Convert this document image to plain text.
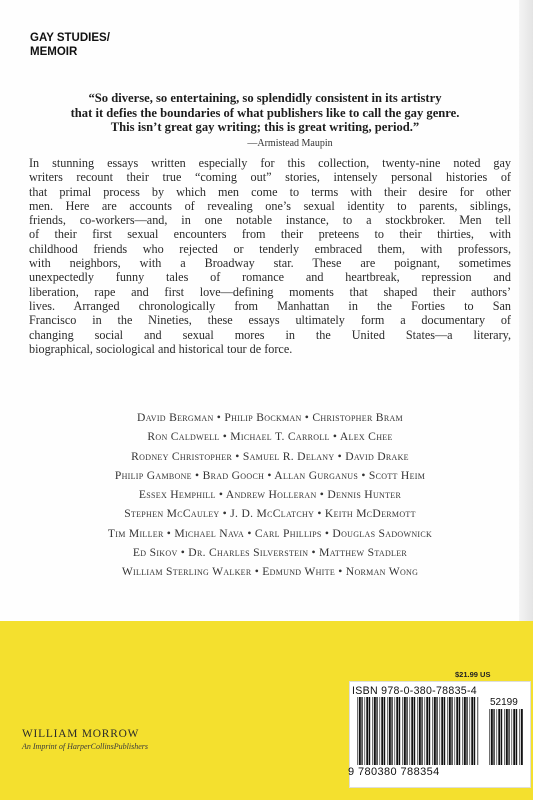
GAY STUDIES/
MEMOIR
“So diverse, so entertaining, so splendidly consistent in its artistry
that it defies the boundaries of what publishers like to call the gay genre.
This isn’t great gay writing; this is great writing, period.”
—Armistead Maupin
In stunning essays written especially for this collection, twenty-nine noted gay
writers recount their true “coming out” stories, intensely personal histories of
that primal process by which men come to terms with their desire for other
men. Here are accounts of revealing one’s sexual identity to parents, siblings,
friends, co-workers—and, in one notable instance, to a stockbroker. Men tell
of their first sexual encounters from their preteens to their thirties, with
childhood friends who rejected or tenderly embraced them, with professors,
with neighbors, with a Broadway star. These are poignant, sometimes
unexpectedly funny tales of romance and heartbreak, repression and
liberation, rape and first love—defining moments that shaped their authors’
lives. Arranged chronologically from Manhattan in the Forties to San
Francisco in the Nineties, these essays ultimately form a documentary of
changing social and sexual mores in the United States—a literary,
biographical, sociological and historical tour de force.
David Bergman • Philip Bockman • Christopher Bram
Ron Caldwell • Michael T. Carroll • Alex Chee
Rodney Christopher • Samuel R. Delany • David Drake
Philip Gambone • Brad Gooch • Allan Gurganus • Scott Heim
Essex Hemphill • Andrew Holleran • Dennis Hunter
Stephen McCauley • J. D. McClatchy • Keith McDermott
Tim Miller • Michael Nava • Carl Phillips • Douglas Sadownick
Ed Sikov • Dr. Charles Silverstein • Matthew Stadler
William Sterling Walker • Edmund White • Norman Wong
WILLIAM MORROW
An Imprint of HarperCollinsPublishers
$21.99 US
ISBN 978-0-380-78835-4
52199
9 780380 788354
